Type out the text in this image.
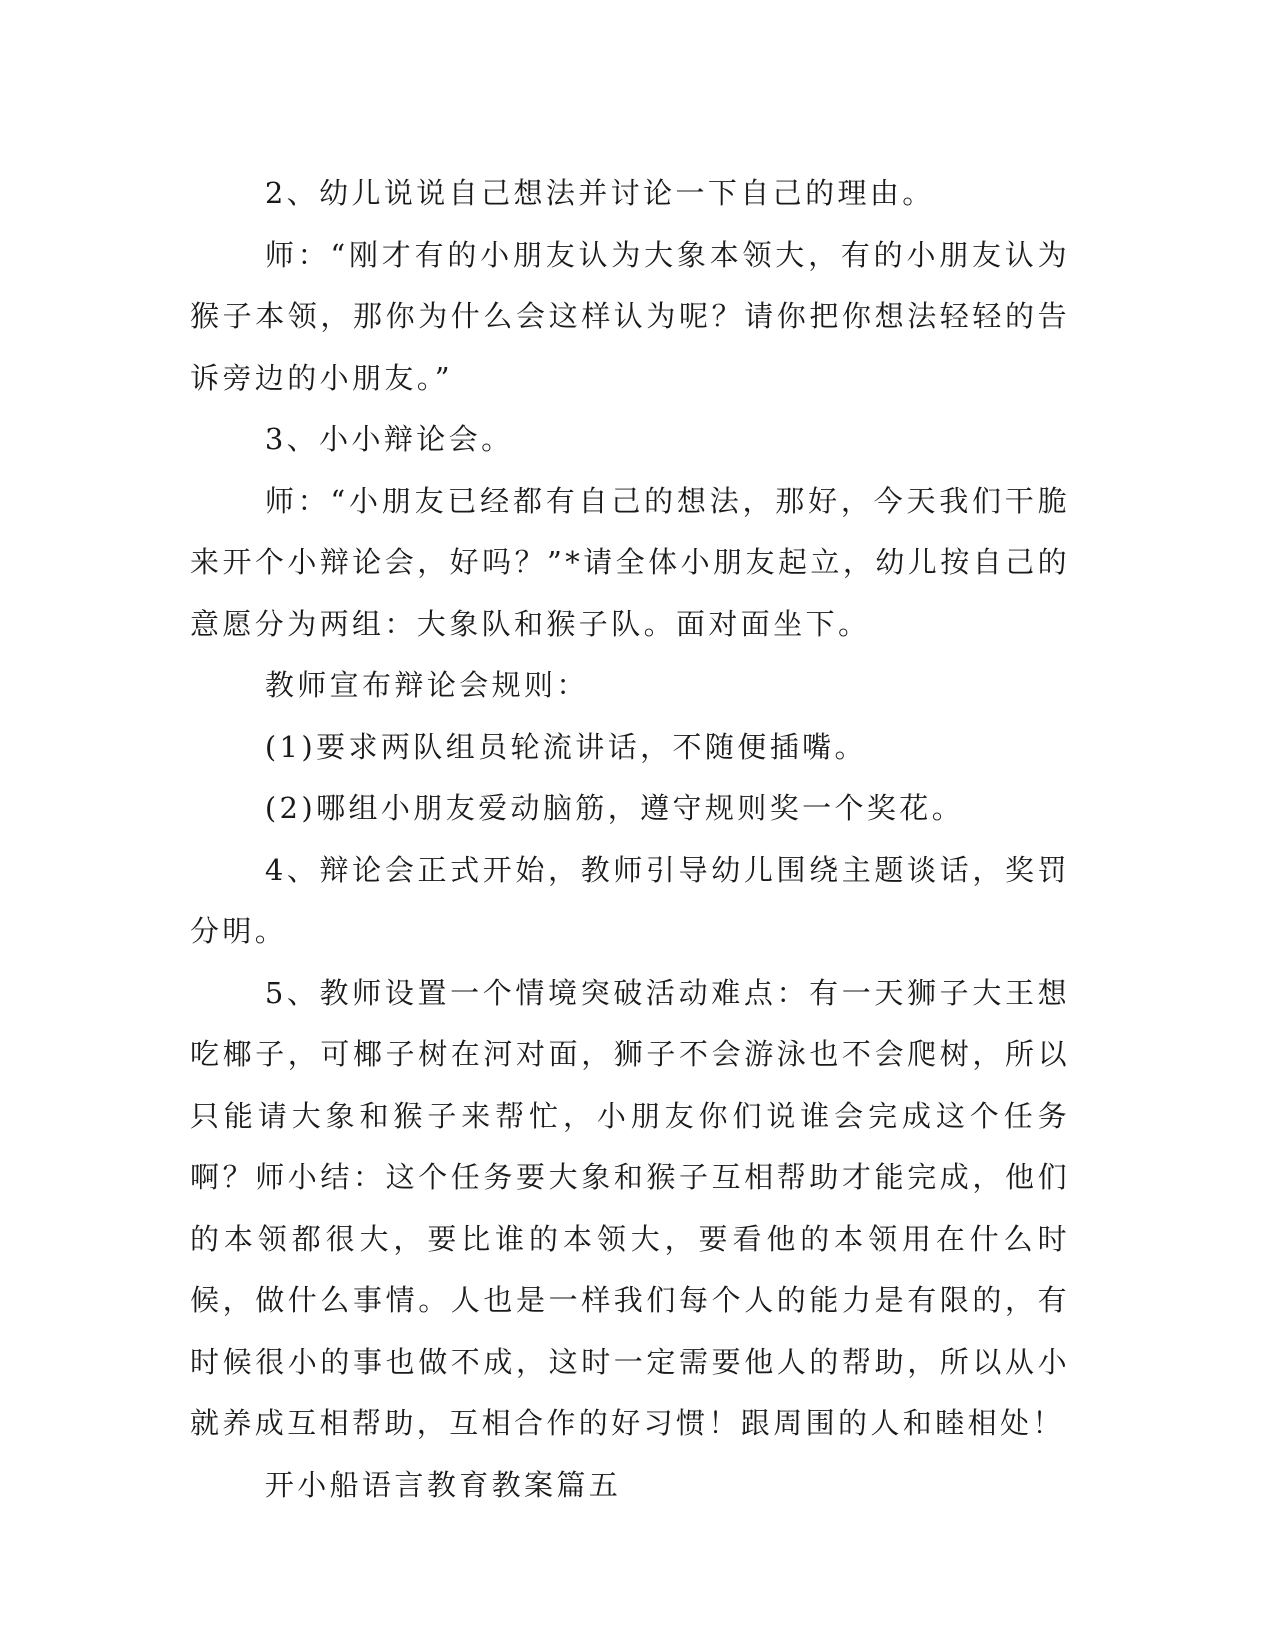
2、幼儿说说自己想法并讨论一下自己的理由。

师：“刚才有的小朋友认为大象本领大，有的小朋友认为猴子本领，那你为什么会这样认为呢？请你把你想法轻轻的告诉旁边的小朋友。”

3、小小辩论会。

师：“小朋友已经都有自己的想法，那好，今天我们干脆来开个小辩论会，好吗？”*请全体小朋友起立，幼儿按自己的意愿分为两组：大象队和猴子队。面对面坐下。

教师宣布辩论会规则：

(1)要求两队组员轮流讲话，不随便插嘴。

(2)哪组小朋友爱动脑筋，遵守规则奖一个奖花。

4、辩论会正式开始，教师引导幼儿围绕主题谈话，奖罚分明。

5、教师设置一个情境突破活动难点：有一天狮子大王想吃椰子，可椰子树在河对面，狮子不会游泳也不会爬树，所以只能请大象和猴子来帮忙，小朋友你们说谁会完成这个任务啊？师小结：这个任务要大象和猴子互相帮助才能完成，他们的本领都很大，要比谁的本领大，要看他的本领用在什么时候，做什么事情。人也是一样我们每个人的能力是有限的，有时候很小的事也做不成，这时一定需要他人的帮助，所以从小就养成互相帮助，互相合作的好习惯！跟周围的人和睦相处！

开小船语言教育教案篇五
